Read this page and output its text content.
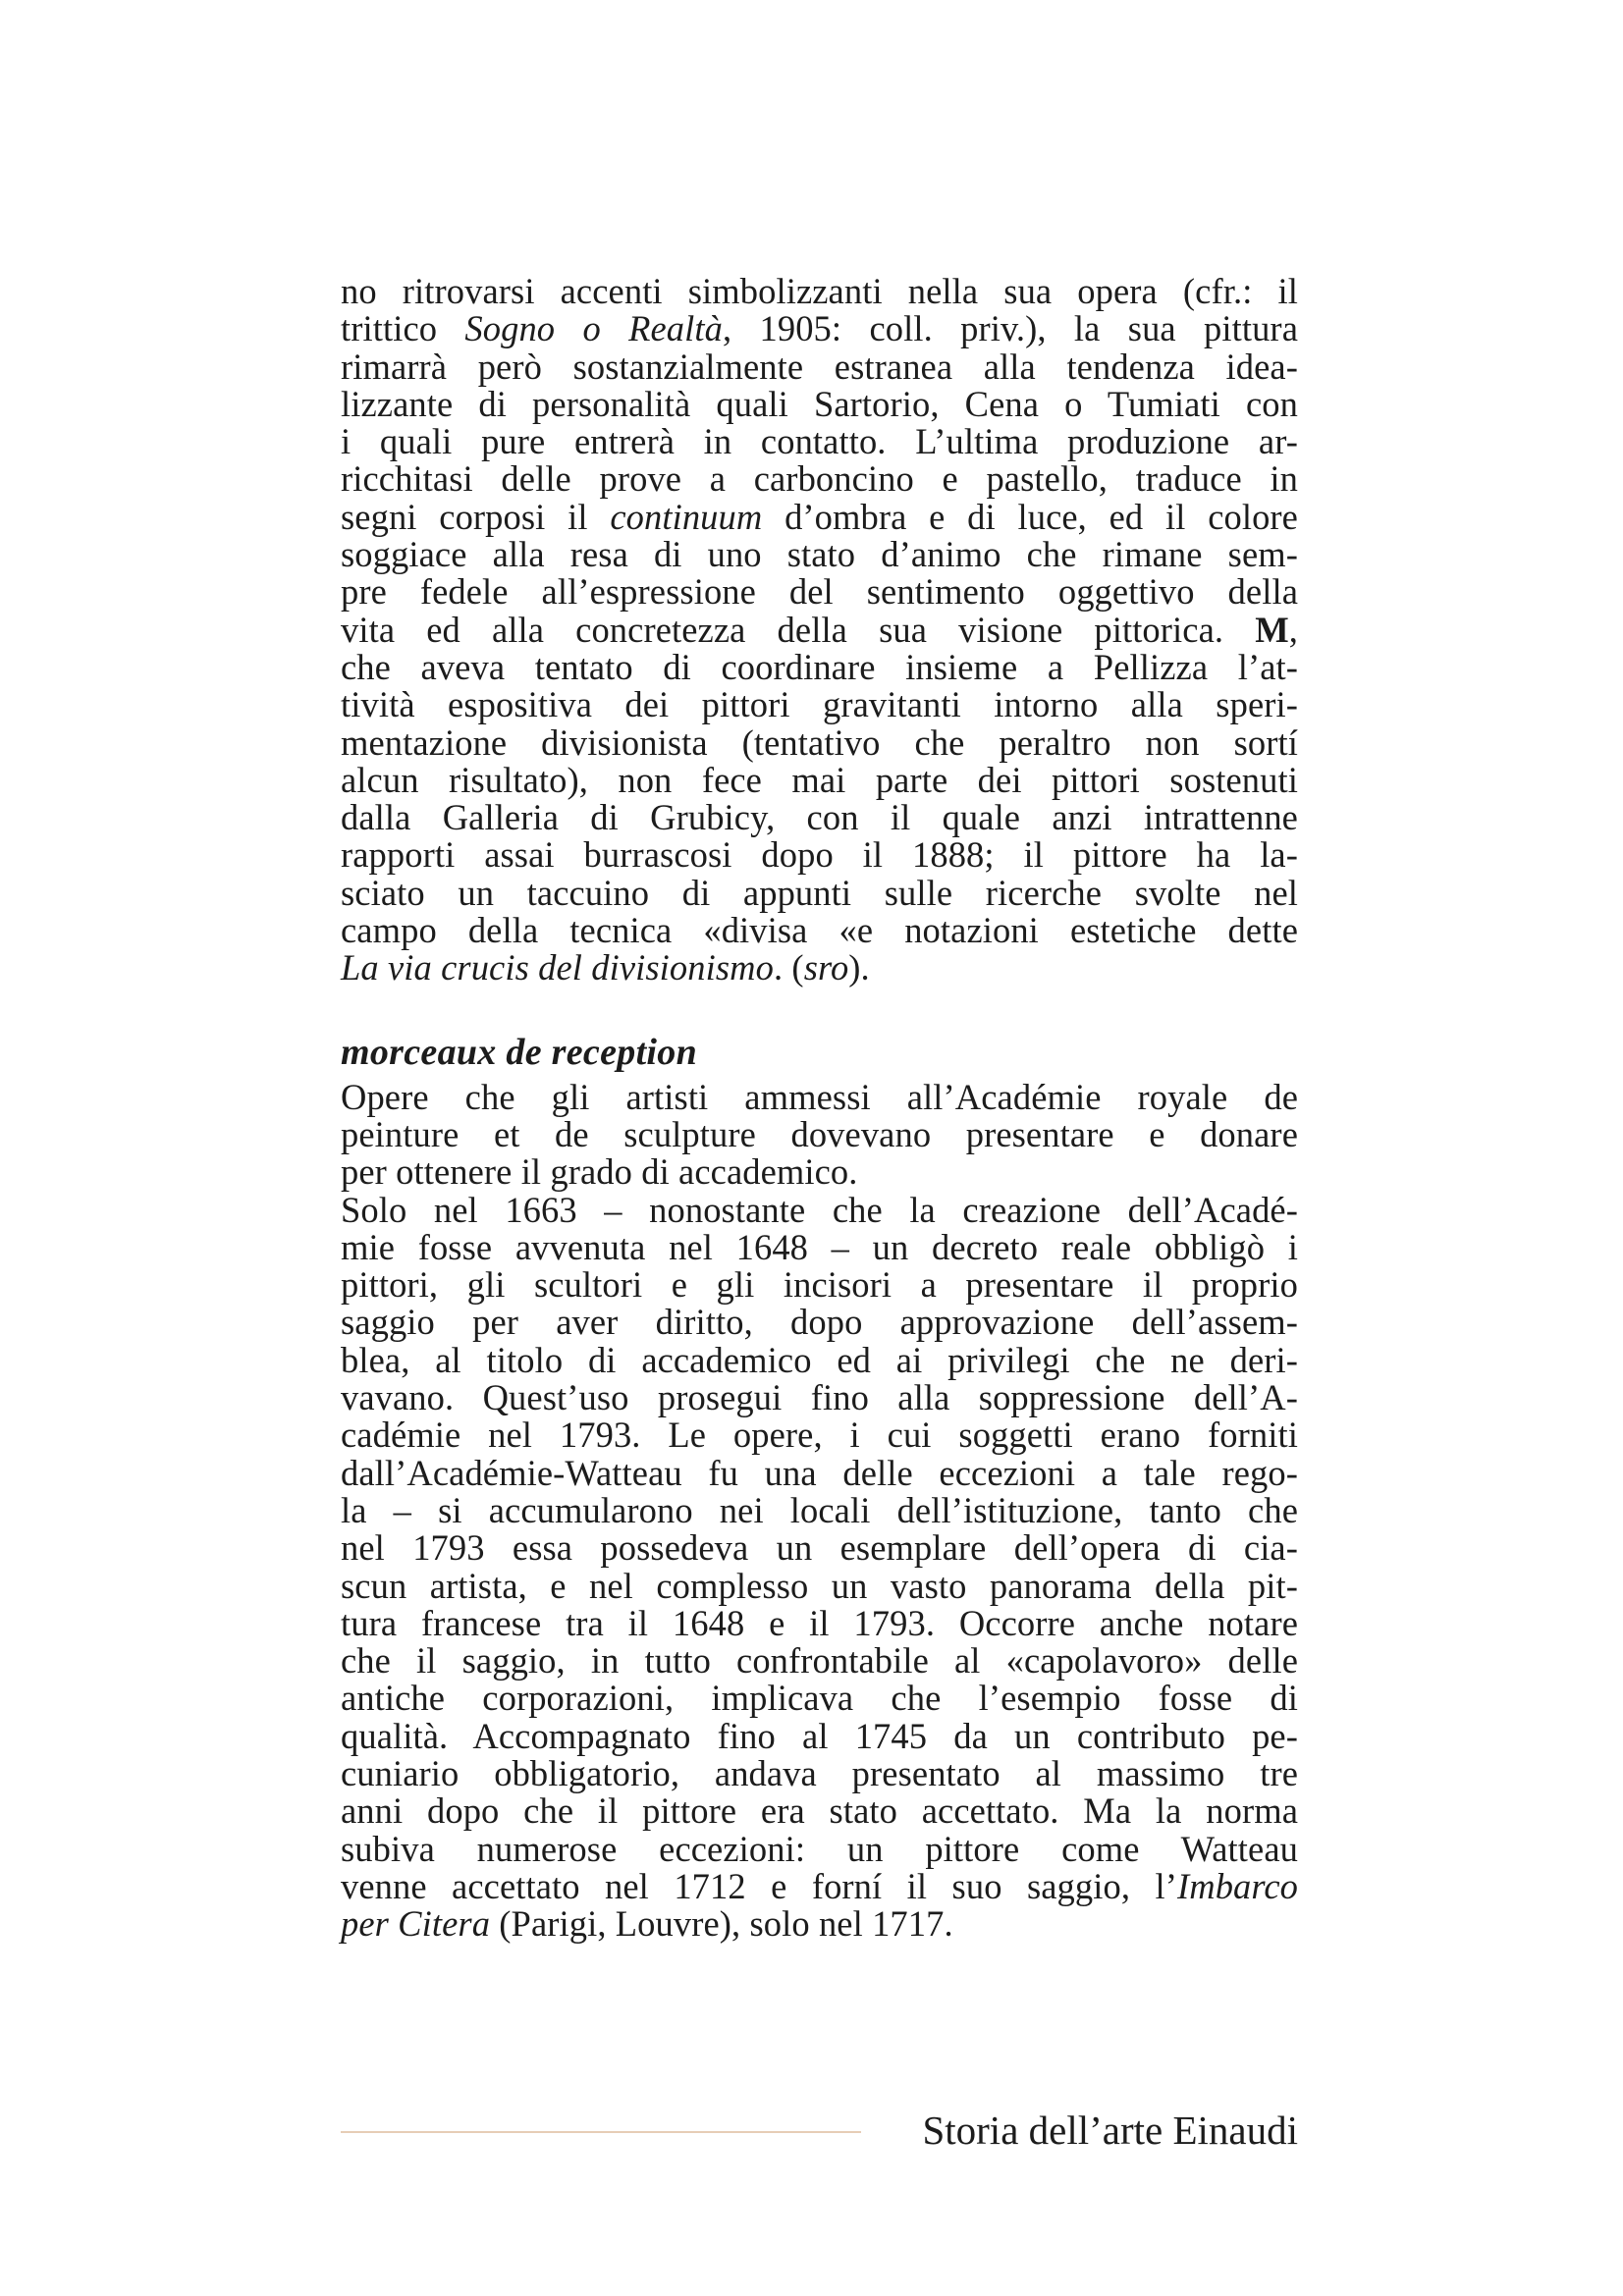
no ritrovarsi accenti simbolizzanti nella sua opera (cfr.: il
trittico Sogno o Realtà, 1905: coll. priv.), la sua pittura
rimarrà però sostanzialmente estranea alla tendenza idea-
lizzante di personalità quali Sartorio, Cena o Tumiati con
i quali pure entrerà in contatto. L’ultima produzione ar-
ricchitasi delle prove a carboncino e pastello, traduce in
segni corposi il continuum d’ombra e di luce, ed il colore
soggiace alla resa di uno stato d’animo che rimane sem-
pre fedele all’espressione del sentimento oggettivo della
vita ed alla concretezza della sua visione pittorica. M,
che aveva tentato di coordinare insieme a Pellizza l’at-
tività espositiva dei pittori gravitanti intorno alla speri-
mentazione divisionista (tentativo che peraltro non sortí
alcun risultato), non fece mai parte dei pittori sostenuti
dalla Galleria di Grubicy, con il quale anzi intrattenne
rapporti assai burrascosi dopo il 1888; il pittore ha la-
sciato un taccuino di appunti sulle ricerche svolte nel
campo della tecnica «divisa «e notazioni estetiche dette
La via crucis del divisionismo. (sro).
morceaux de reception
Opere che gli artisti ammessi all’Académie royale de
peinture et de sculpture dovevano presentare e donare
per ottenere il grado di accademico.
Solo nel 1663 – nonostante che la creazione dell’Acadé-
mie fosse avvenuta nel 1648 – un decreto reale obbligò i
pittori, gli scultori e gli incisori a presentare il proprio
saggio per aver diritto, dopo approvazione dell’assem-
blea, al titolo di accademico ed ai privilegi che ne deri-
vavano. Quest’uso prosegui fino alla soppressione dell’A-
cadémie nel 1793. Le opere, i cui soggetti erano forniti
dall’Académie-Watteau fu una delle eccezioni a tale rego-
la – si accumularono nei locali dell’istituzione, tanto che
nel 1793 essa possedeva un esemplare dell’opera di cia-
scun artista, e nel complesso un vasto panorama della pit-
tura francese tra il 1648 e il 1793. Occorre anche notare
che il saggio, in tutto confrontabile al «capolavoro» delle
antiche corporazioni, implicava che l’esempio fosse di
qualità. Accompagnato fino al 1745 da un contributo pe-
cuniario obbligatorio, andava presentato al massimo tre
anni dopo che il pittore era stato accettato. Ma la norma
subiva numerose eccezioni: un pittore come Watteau
venne accettato nel 1712 e forní il suo saggio, l’Imbarco
per Citera (Parigi, Louvre), solo nel 1717.
Storia dell’arte Einaudi
